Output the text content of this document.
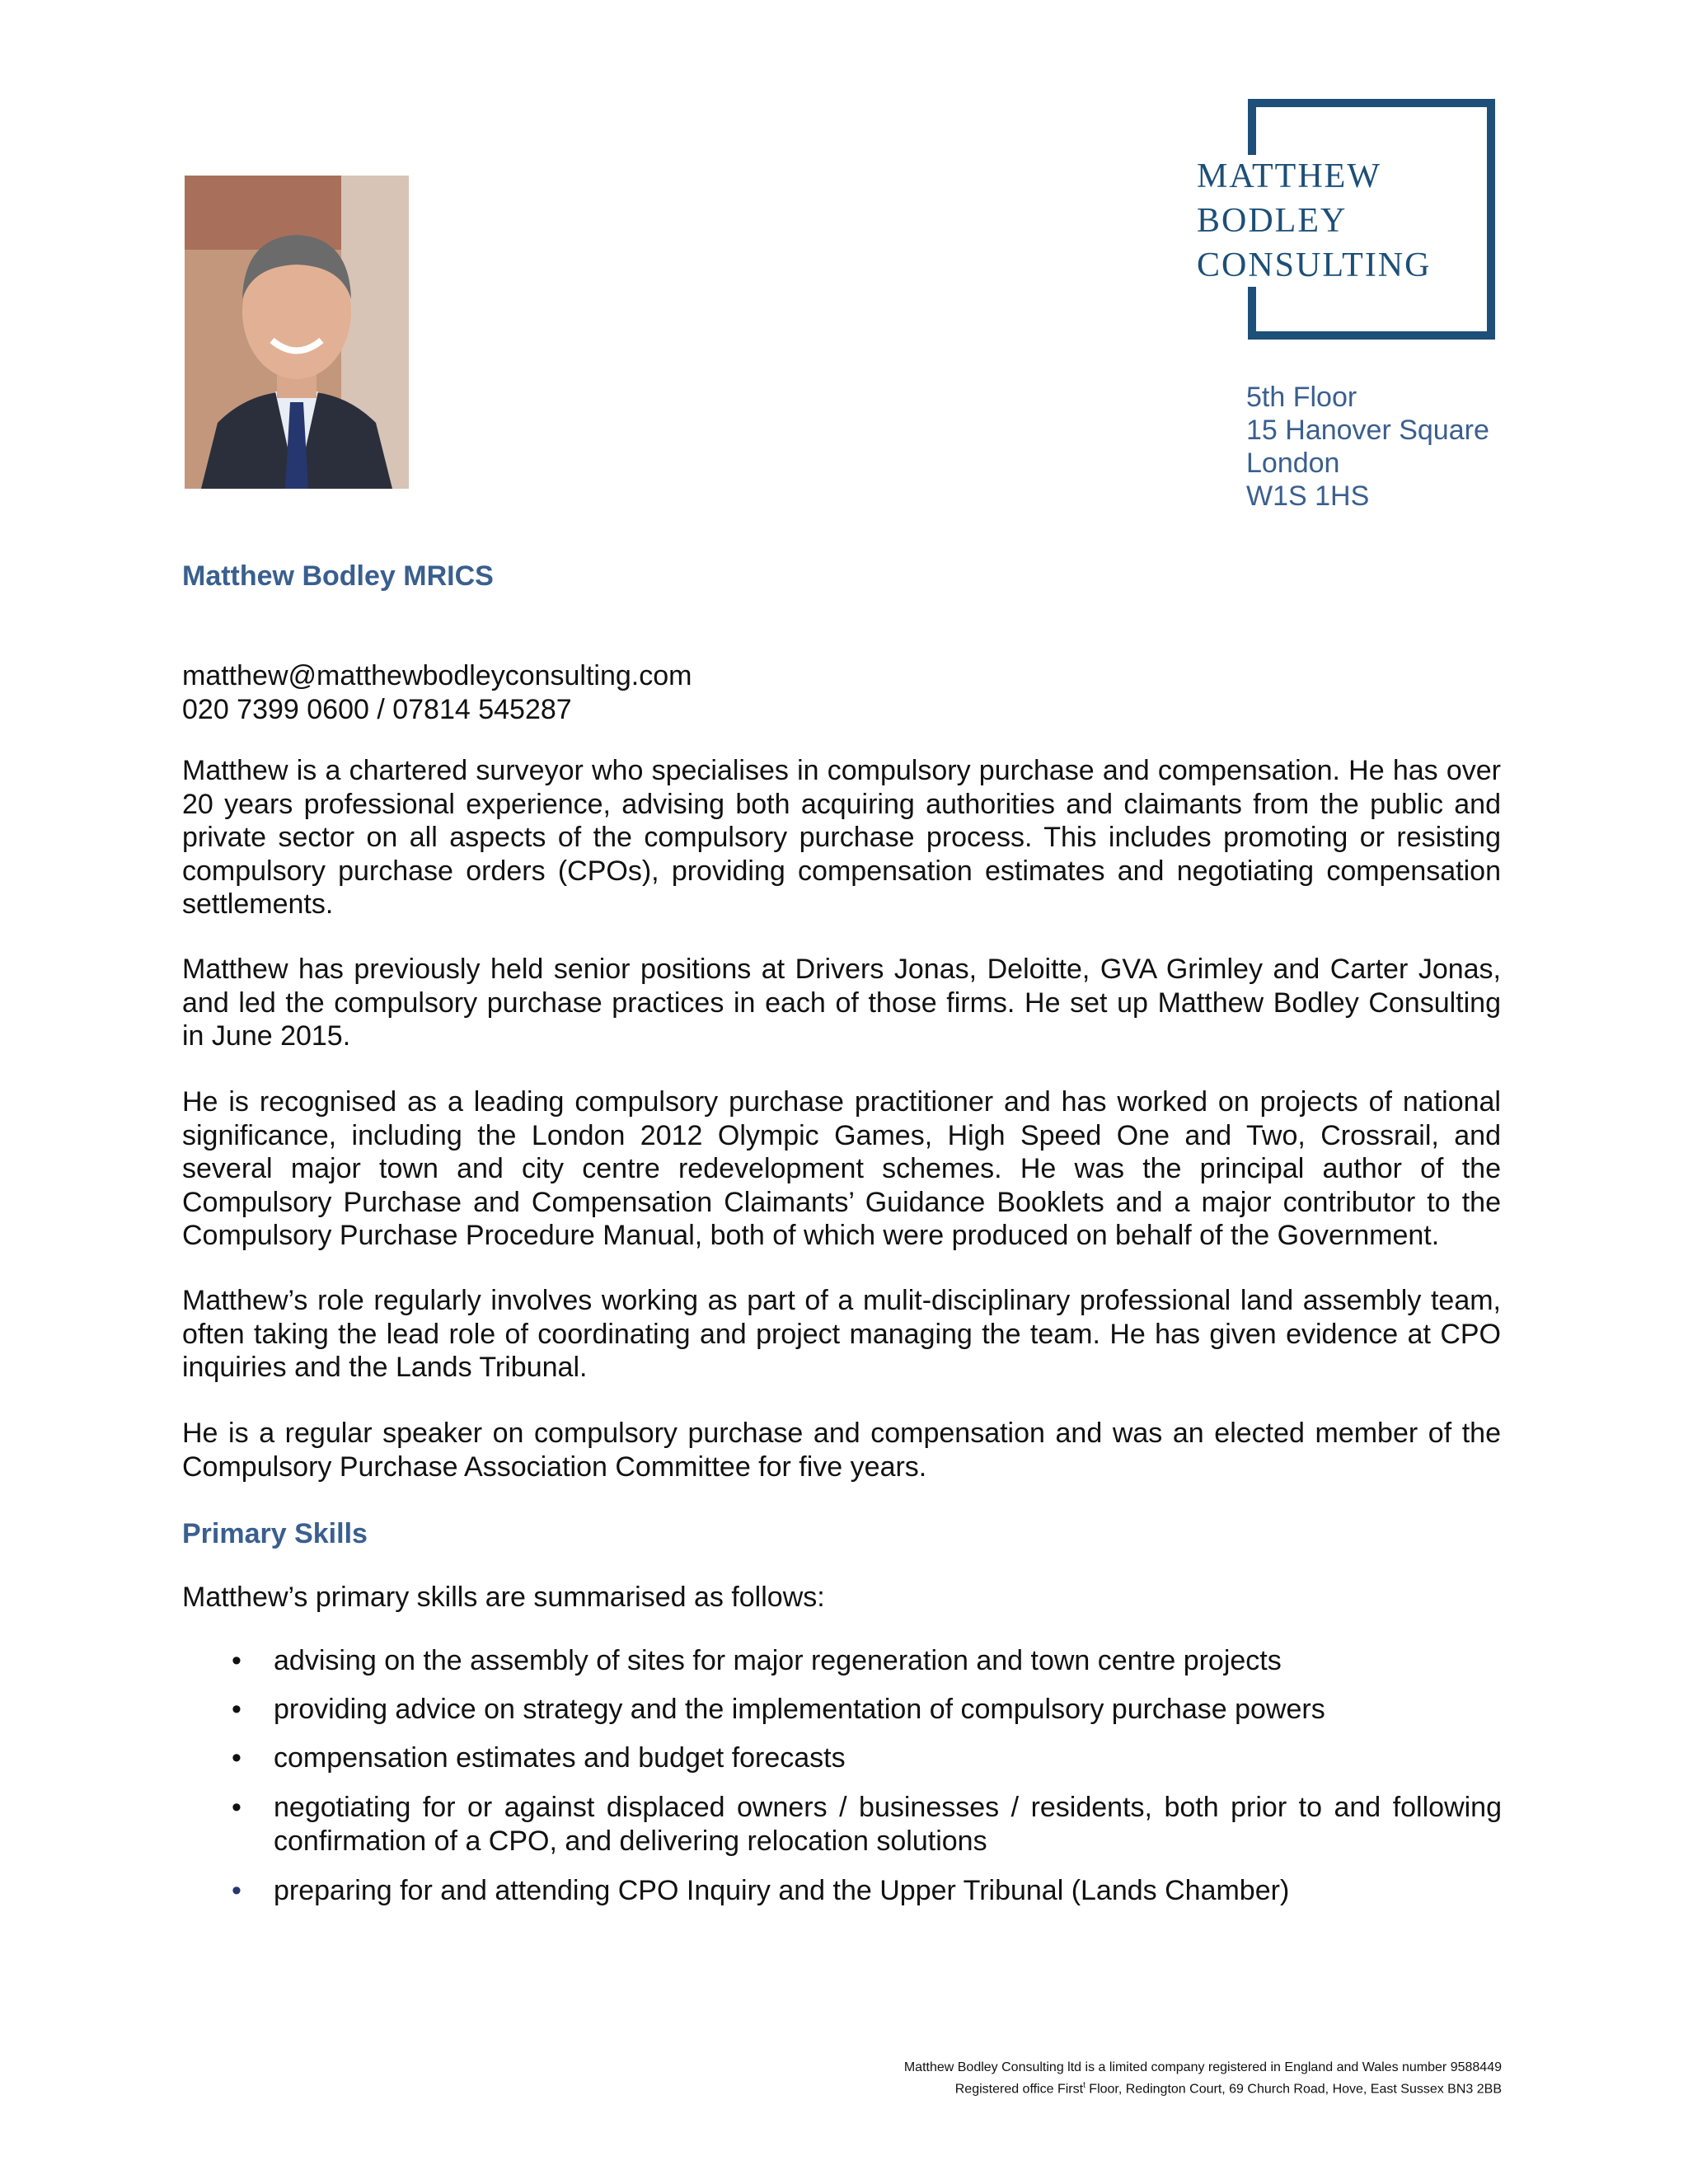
MATTHEW
BODLEY
CONSULTING
5th Floor
15 Hanover Square
London
W1S 1HS
Matthew Bodley MRICS
matthew@matthewbodleyconsulting.com
020 7399 0600 / 07814 545287
Matthew is a chartered surveyor who specialises in compulsory purchase and compensation. He has over 20 years professional experience, advising both acquiring authorities and claimants from the public and private sector on all aspects of the compulsory purchase process. This includes promoting or resisting compulsory purchase orders (CPOs), providing compensation estimates and negotiating compensation settlements.
Matthew has previously held senior positions at Drivers Jonas, Deloitte, GVA Grimley and Carter Jonas, and led the compulsory purchase practices in each of those firms. He set up Matthew Bodley Consulting in June 2015.
He is recognised as a leading compulsory purchase practitioner and has worked on projects of national significance, including the London 2012 Olympic Games, High Speed One and Two, Crossrail, and several major town and city centre redevelopment schemes. He was the principal author of the Compulsory Purchase and Compensation Claimants’ Guidance Booklets and a major contributor to the Compulsory Purchase Procedure Manual, both of which were produced on behalf of the Government.
Matthew’s role regularly involves working as part of a mulit-disciplinary professional land assembly team, often taking the lead role of coordinating and project managing the team. He has given evidence at CPO inquiries and the Lands Tribunal.
He is a regular speaker on compulsory purchase and compensation and was an elected member of the Compulsory Purchase Association Committee for five years.
Primary Skills
Matthew’s primary skills are summarised as follows:
•	advising on the assembly of sites for major regeneration and town centre projects
•	providing advice on strategy and the implementation of compulsory purchase powers
•	compensation estimates and budget forecasts
•	negotiating for or against displaced owners / businesses / residents, both prior to and following confirmation of a CPO, and delivering relocation solutions
•	preparing for and attending CPO Inquiry and the Upper Tribunal (Lands Chamber)
Matthew Bodley Consulting ltd is a limited company registered in England and Wales number 9588449
Registered office First$^t$ Floor, Redington Court, 69 Church Road, Hove, East Sussex BN3 2BB
